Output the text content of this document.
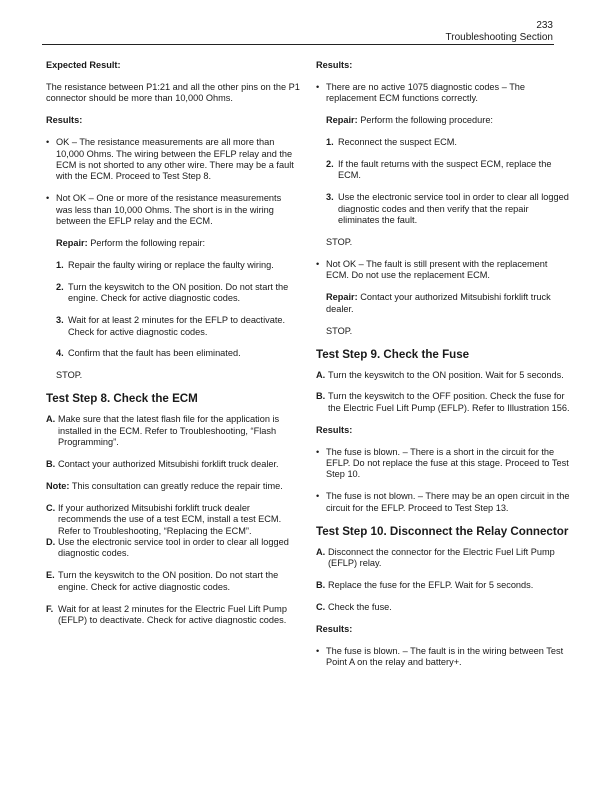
233
Troubleshooting Section

Expected Result:

The resistance between P1:21 and all the other pins on the P1 connector should be more than 10,000 Ohms.

Results:

• OK – The resistance measurements are all more than 10,000 Ohms. The wiring between the EFLP relay and the ECM is not shorted to any other wire. There may be a fault with the ECM. Proceed to Test Step 8.

• Not OK – One or more of the resistance measurements was less than 10,000 Ohms. The short is in the wiring between the EFLP relay and the ECM.

Repair: Perform the following repair:

1. Repair the faulty wiring or replace the faulty wiring.

2. Turn the keyswitch to the ON position. Do not start the engine. Check for active diagnostic codes.

3. Wait for at least 2 minutes for the EFLP to deactivate. Check for active diagnostic codes.

4. Confirm that the fault has been eliminated.

STOP.

Test Step 8. Check the ECM

A. Make sure that the latest flash file for the application is installed in the ECM. Refer to Troubleshooting, “Flash Programming”.

B. Contact your authorized Mitsubishi forklift truck dealer.

Note: This consultation can greatly reduce the repair time.

C. If your authorized Mitsubishi forklift truck dealer recommends the use of a test ECM, install a test ECM. Refer to Troubleshooting, “Replacing the ECM”.

D. Use the electronic service tool in order to clear all logged diagnostic codes.

E. Turn the keyswitch to the ON position. Do not start the engine. Check for active diagnostic codes.

F. Wait for at least 2 minutes for the Electric Fuel Lift Pump (EFLP) to deactivate. Check for active diagnostic codes.

Results:

• There are no active 1075 diagnostic codes – The replacement ECM functions correctly.

Repair: Perform the following procedure:

1. Reconnect the suspect ECM.

2. If the fault returns with the suspect ECM, replace the ECM.

3. Use the electronic service tool in order to clear all logged diagnostic codes and then verify that the repair eliminates the fault.

STOP.

• Not OK – The fault is still present with the replacement ECM. Do not use the replacement ECM.

Repair: Contact your authorized Mitsubishi forklift truck dealer.

STOP.

Test Step 9. Check the Fuse

A. Turn the keyswitch to the ON position. Wait for 5 seconds.

B. Turn the keyswitch to the OFF position. Check the fuse for the Electric Fuel Lift Pump (EFLP). Refer to Illustration 156.

Results:

• The fuse is blown. – There is a short in the circuit for the EFLP. Do not replace the fuse at this stage. Proceed to Test Step 10.

• The fuse is not blown. – There may be an open circuit in the circuit for the EFLP. Proceed to Test Step 13.

Test Step 10. Disconnect the Relay Connector

A. Disconnect the connector for the Electric Fuel Lift Pump (EFLP) relay.

B. Replace the fuse for the EFLP. Wait for 5 seconds.

C. Check the fuse.

Results:

• The fuse is blown. – The fault is in the wiring between Test Point A on the relay and battery+.
